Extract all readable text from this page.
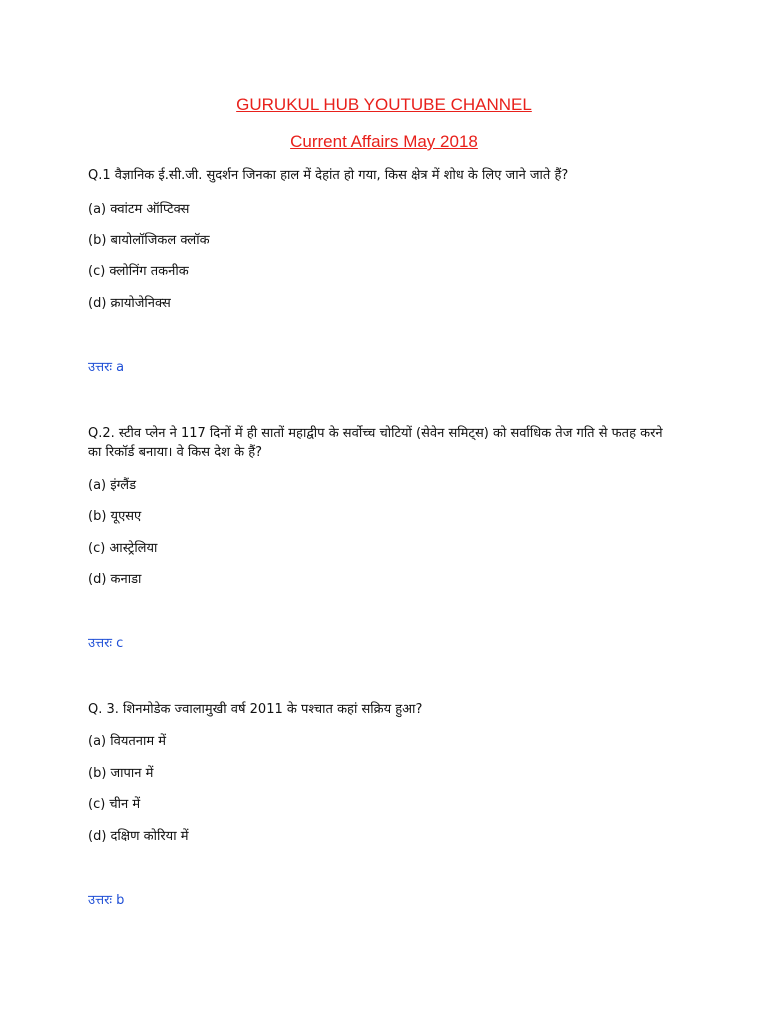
GURUKUL HUB YOUTUBE CHANNEL
Current Affairs May 2018
Q.1 वैज्ञानिक ई.सी.जी. सुदर्शन जिनका हाल में देहांत हो गया, किस क्षेत्र में शोध के लिए जाने जाते हैं?
(a) क्वांटम ऑप्टिक्स
(b) बायोलॉजिकल क्लॉक
(c) क्लोनिंग तकनीक
(d) क्रायोजेनिक्स
उत्तरः a
Q.2. स्टीव प्लेन ने 117 दिनों में ही सातों महाद्वीप के सर्वोच्च चोटियों (सेवेन समिट्स) को सर्वाधिक तेज गति से फतह करने
का रिकॉर्ड बनाया। वे किस देश के हैं?
(a) इंग्लैंड
(b) यूएसए
(c) आस्ट्रेलिया
(d) कनाडा
उत्तरः c
Q. 3. शिनमोडेक ज्वालामुखी वर्ष 2011 के पश्चात कहां सक्रिय हुआ?
(a) वियतनाम में
(b) जापान में
(c) चीन में
(d) दक्षिण कोरिया में
उत्तरः b
